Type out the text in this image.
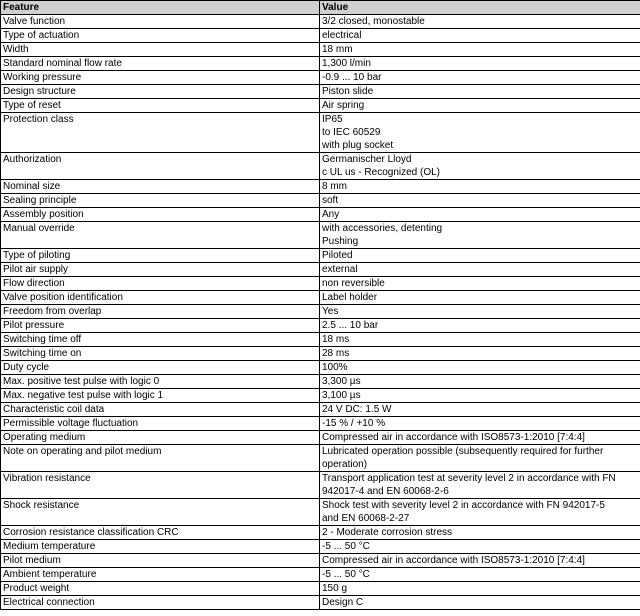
Feature	Value
Valve function	3/2 closed, monostable

Type of actuation	electrical

Width	18 mm

Standard nominal flow rate	1,300 l/min

Working pressure	-0.9 ... 10 bar

Design structure	Piston slide

Type of reset	Air spring

Protection class	IP65
to IEC 60529
with plug socket

Authorization	Germanischer Lloyd
c UL us - Recognized (OL)

Nominal size	8 mm

Sealing principle	soft

Assembly position	Any

Manual override	with accessories, detenting
Pushing

Type of piloting	Piloted

Pilot air supply	external

Flow direction	non reversible

Valve position identification	Label holder

Freedom from overlap	Yes

Pilot pressure	2.5 ... 10 bar

Switching time off	18 ms

Switching time on	28 ms

Duty cycle	100%

Max. positive test pulse with logic 0	3,300 µs

Max. negative test pulse with logic 1	3,100 µs

Characteristic coil data	24 V DC: 1.5 W

Permissible voltage fluctuation	-15 % / +10 %

Operating medium	Compressed air in accordance with ISO8573-1:2010 [7:4:4]

Note on operating and pilot medium	Lubricated operation possible (subsequently required for further
operation)

Vibration resistance	Transport application test at severity level 2 in accordance with FN
942017-4 and EN 60068-2-6

Shock resistance	Shock test with severity level 2 in accordance with FN 942017-5
and EN 60068-2-27

Corrosion resistance classification CRC	2 - Moderate corrosion stress

Medium temperature	-5 ... 50 °C

Pilot medium	Compressed air in accordance with ISO8573-1:2010 [7:4:4]

Ambient temperature	-5 ... 50 °C

Product weight	150 g

Electrical connection	Design C
